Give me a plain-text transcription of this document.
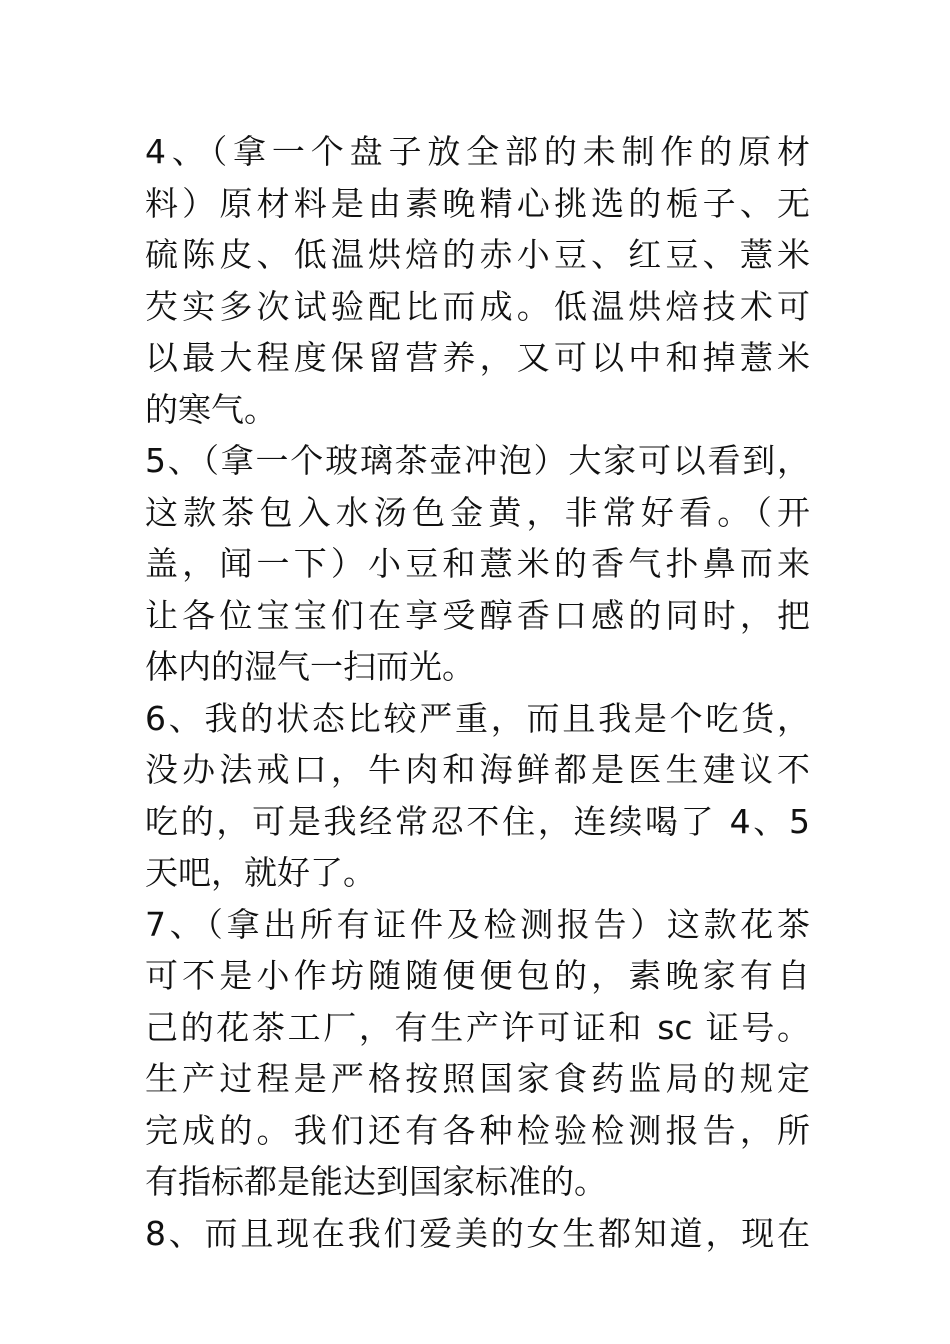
4、（拿一个盘子放全部的未制作的原材
料）原材料是由素晚精心挑选的栀子、无
硫陈皮、低温烘焙的赤小豆、红豆、薏米
芡实多次试验配比而成。低温烘焙技术可
以最大程度保留营养，又可以中和掉薏米
的寒气。
5、（拿一个玻璃茶壶冲泡）大家可以看到，
这款茶包入水汤色金黄，非常好看。（开
盖，闻一下）小豆和薏米的香气扑鼻而来
让各位宝宝们在享受醇香口感的同时，把
体内的湿气一扫而光。
6、我的状态比较严重，而且我是个吃货，
没办法戒口，牛肉和海鲜都是医生建议不
吃的，可是我经常忍不住，连续喝了 4、5
天吧，就好了。
7、（拿出所有证件及检测报告）这款花茶
可不是小作坊随随便便包的，素晚家有自
己的花茶工厂，有生产许可证和 sc 证号。
生产过程是严格按照国家食药监局的规定
完成的。我们还有各种检验检测报告，所
有指标都是能达到国家标准的。
8、而且现在我们爱美的女生都知道，现在
